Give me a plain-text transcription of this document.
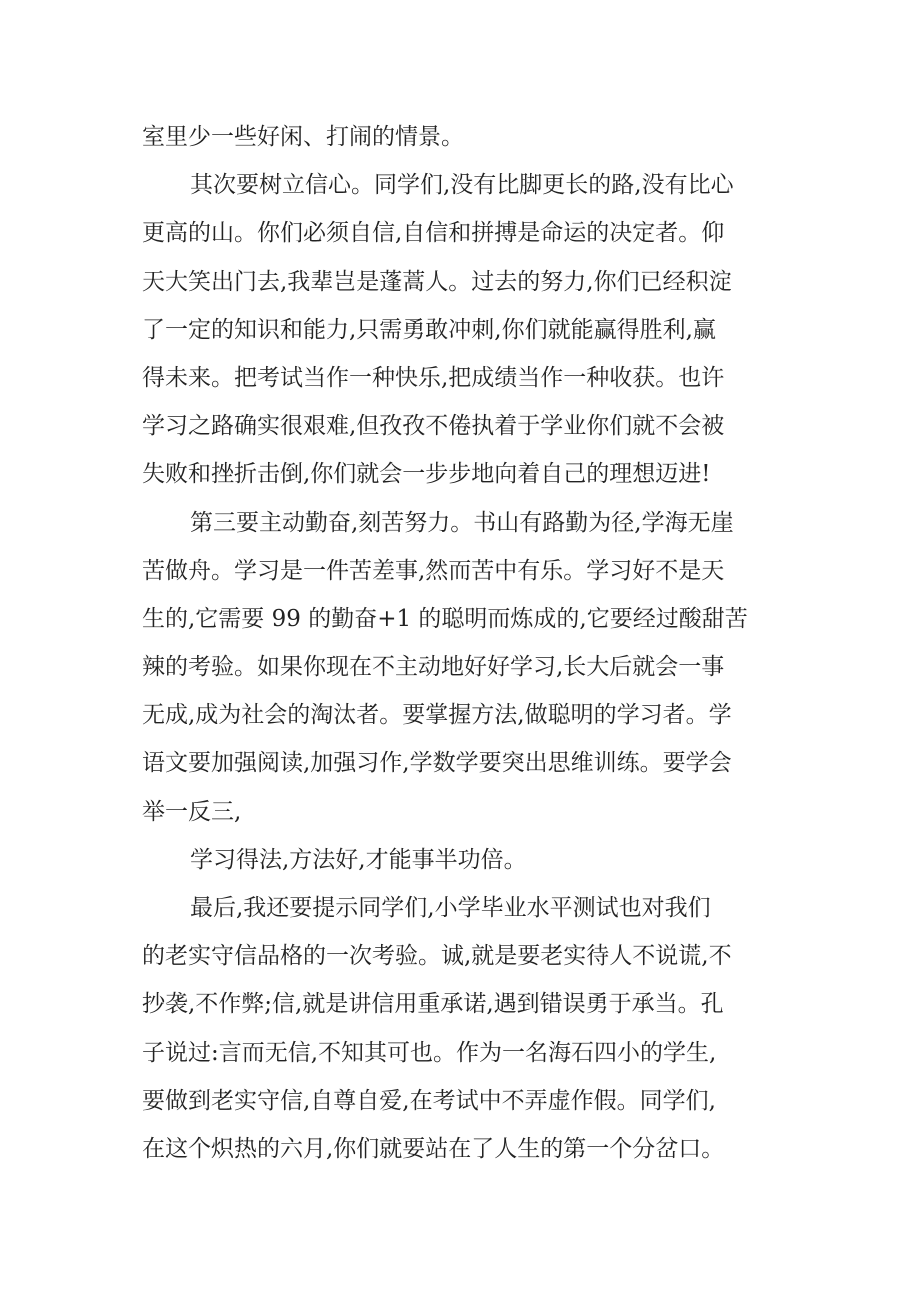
室里少一些好闲、打闹的情景。
其次要树立信心。同学们,没有比脚更长的路,没有比心
更高的山。你们必须自信,自信和拼搏是命运的决定者。仰
天大笑出门去,我辈岂是蓬蒿人。过去的努力,你们已经积淀
了一定的知识和能力,只需勇敢冲刺,你们就能赢得胜利,赢
得未来。把考试当作一种快乐,把成绩当作一种收获。也许
学习之路确实很艰难,但孜孜不倦执着于学业你们就不会被
失败和挫折击倒,你们就会一步步地向着自己的理想迈进!
第三要主动勤奋,刻苦努力。书山有路勤为径,学海无崖
苦做舟。学习是一件苦差事,然而苦中有乐。学习好不是天
生的,它需要 99 的勤奋+1 的聪明而炼成的,它要经过酸甜苦
辣的考验。如果你现在不主动地好好学习,长大后就会一事
无成,成为社会的淘汰者。要掌握方法,做聪明的学习者。学
语文要加强阅读,加强习作,学数学要突出思维训练。要学会
举一反三,
学习得法,方法好,才能事半功倍。
最后,我还要提示同学们,小学毕业水平测试也对我们
的老实守信品格的一次考验。诚,就是要老实待人不说谎,不
抄袭,不作弊;信,就是讲信用重承诺,遇到错误勇于承当。孔
子说过:言而无信,不知其可也。作为一名海石四小的学生,
要做到老实守信,自尊自爱,在考试中不弄虚作假。同学们,
在这个炽热的六月,你们就要站在了人生的第一个分岔口。
